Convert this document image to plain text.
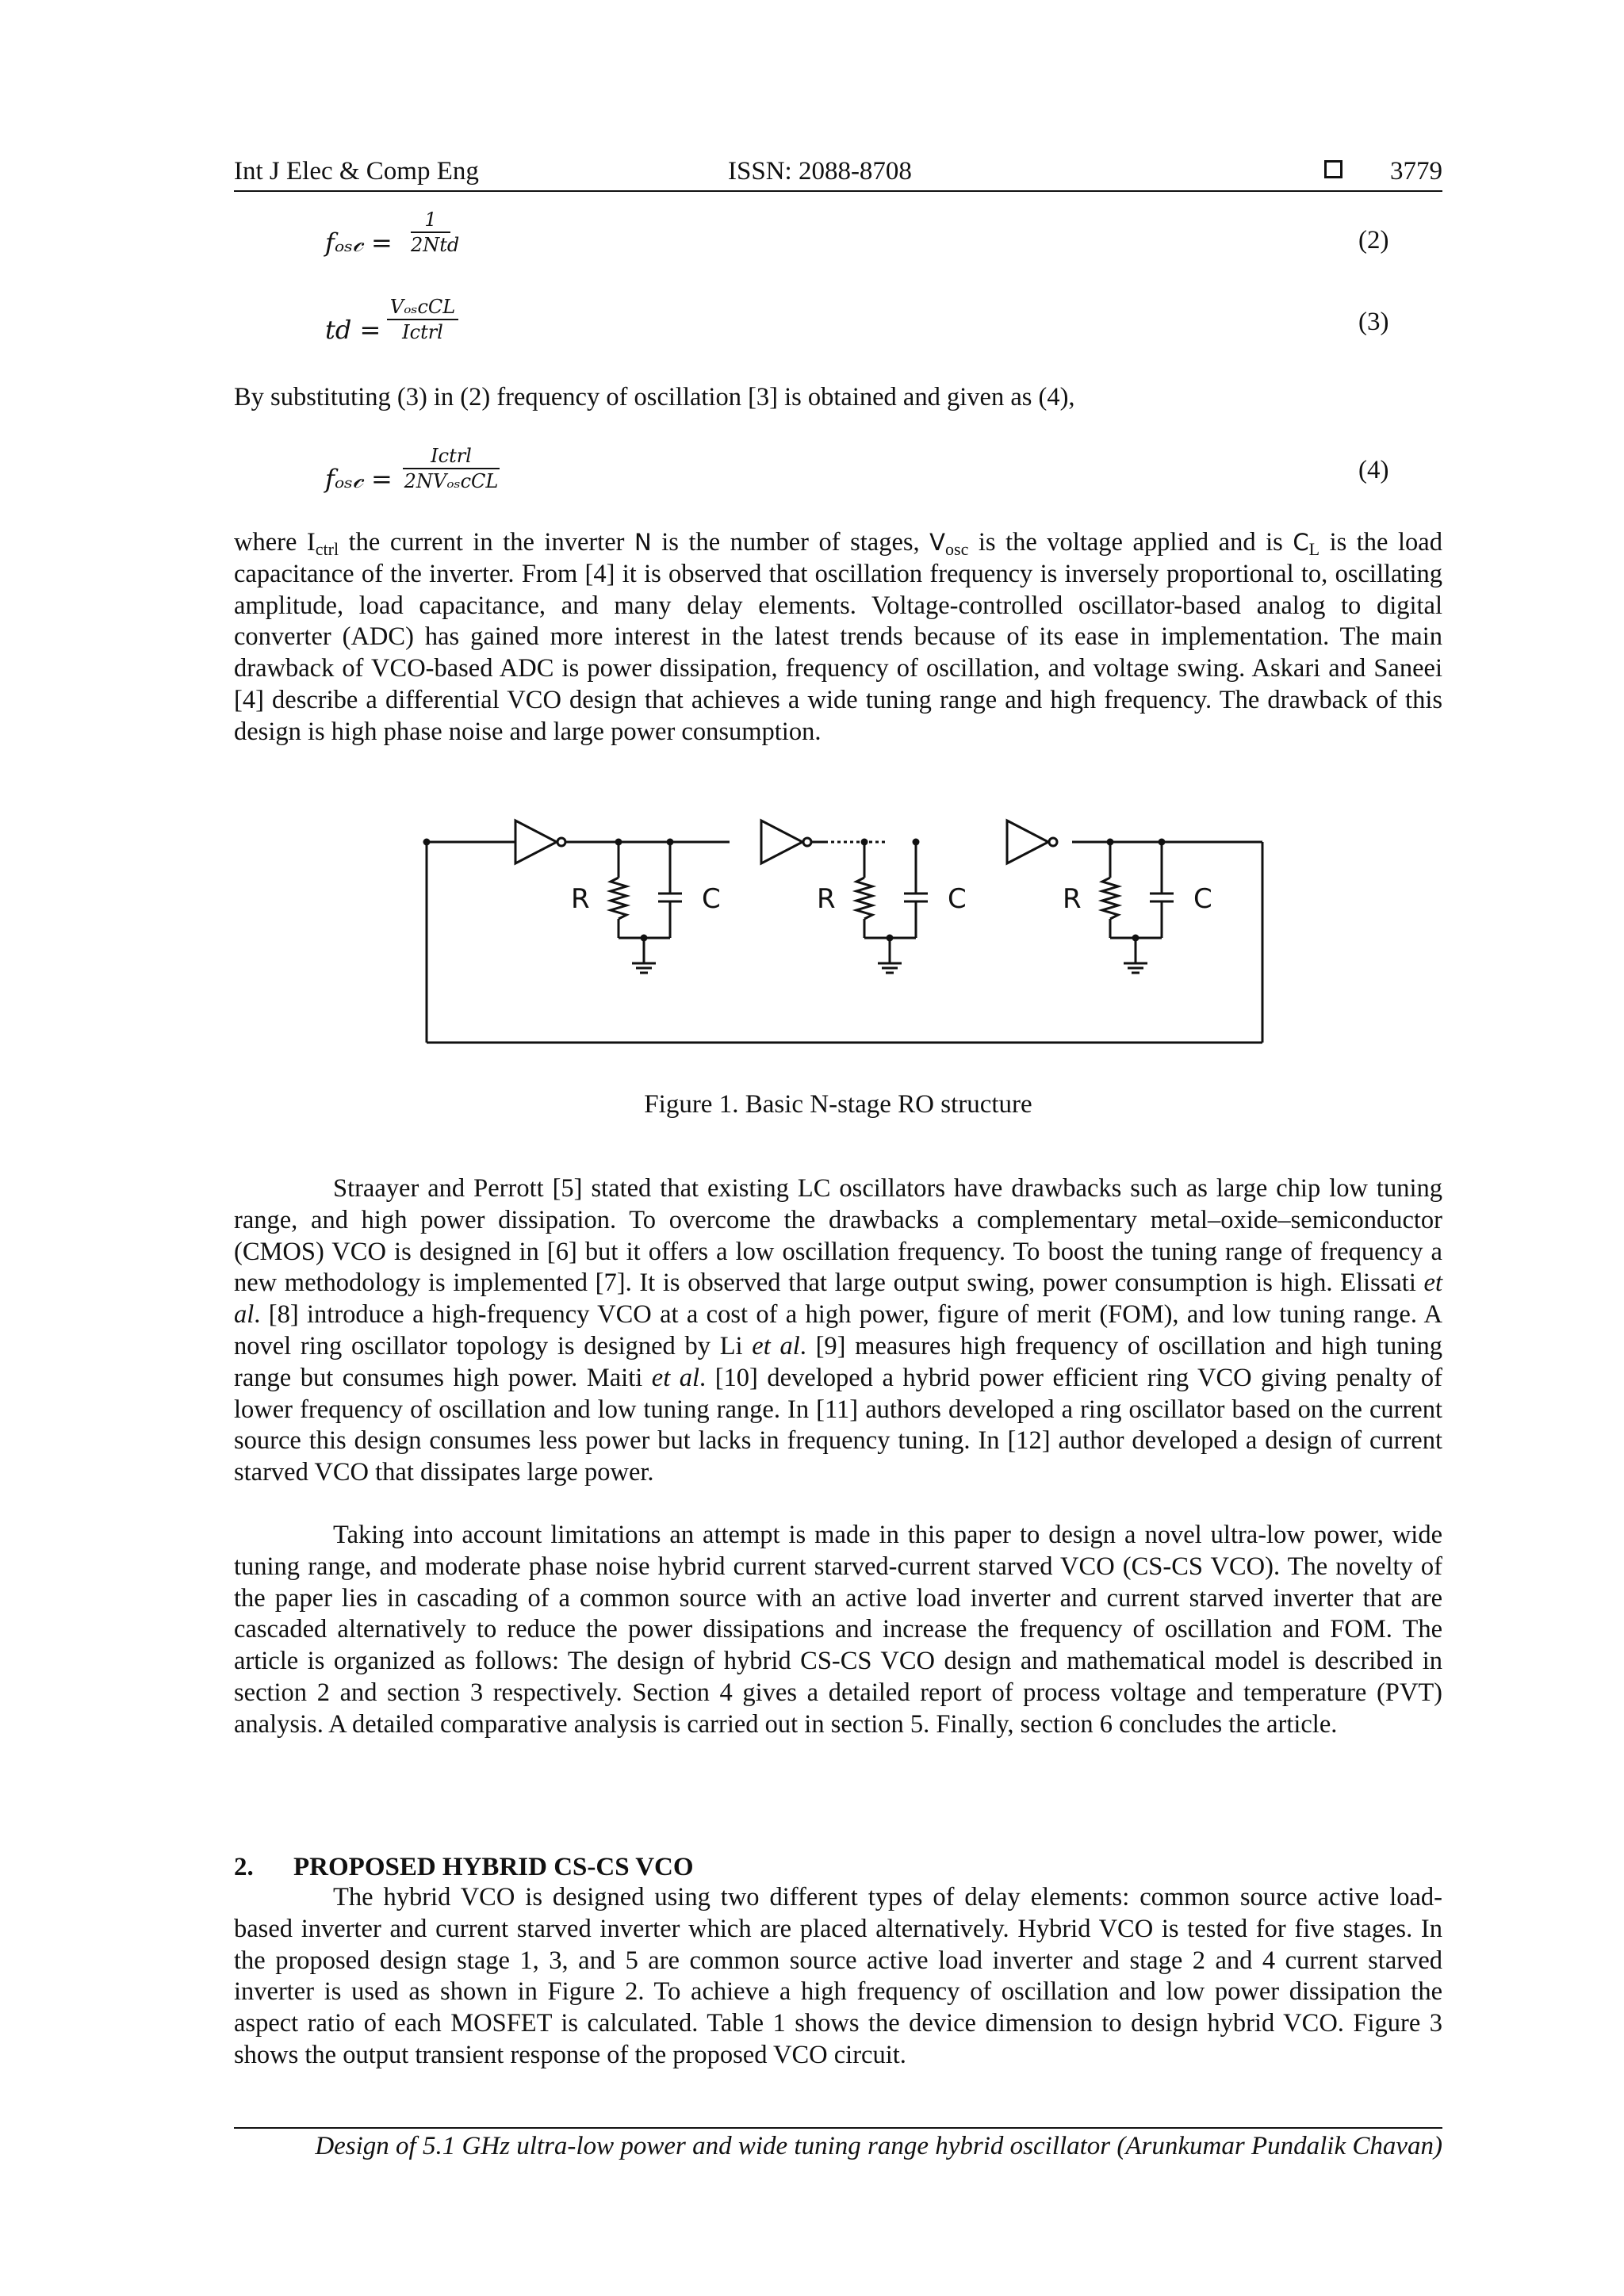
Int J Elec & Comp Eng	ISSN: 2088-8708	3779
𝑓ₒₛ𝒸 =
1
2Nt𝑑	(2)
𝑡𝑑 =
VₒₛcC𝐿
I𝑐𝑡𝑟𝑙	(3)
By substituting (3) in (2) frequency of oscillation [3] is obtained and given as (4),
𝑓ₒₛ𝒸 =
I𝑐𝑡𝑟𝑙
2NVₒₛcC𝐿	(4)
where $I_{ctrl}$ the current in the inverter N is the number of stages, $V_{osc}$ is the voltage applied and is $C_L$ is the load capacitance of the inverter. From [4] it is observed that oscillation frequency is inversely proportional to, oscillating amplitude, load capacitance, and many delay elements. Voltage-controlled oscillator-based analog to digital converter (ADC) has gained more interest in the latest trends because of its ease in implementation. The main drawback of VCO-based ADC is power dissipation, frequency of oscillation, and voltage swing. Askari and Saneei [4] describe a differential VCO design that achieves a wide tuning range and high frequency. The drawback of this design is high phase noise and large power consumption.
R	C	R	C	R	C
Figure 1. Basic N-stage RO structure
Straayer and Perrott [5] stated that existing LC oscillators have drawbacks such as large chip low tuning range, and high power dissipation. To overcome the drawbacks a complementary metal–oxide–semiconductor (CMOS) VCO is designed in [6] but it offers a low oscillation frequency. To boost the tuning range of frequency a new methodology is implemented [7]. It is observed that large output swing, power consumption is high. Elissati et al. [8] introduce a high-frequency VCO at a cost of a high power, figure of merit (FOM), and low tuning range. A novel ring oscillator topology is designed by Li et al. [9] measures high frequency of oscillation and high tuning range but consumes high power. Maiti et al. [10] developed a hybrid power efficient ring VCO giving penalty of lower frequency of oscillation and low tuning range. In [11] authors developed a ring oscillator based on the current source this design consumes less power but lacks in frequency tuning. In [12] author developed a design of current starved VCO that dissipates large power.
Taking into account limitations an attempt is made in this paper to design a novel ultra-low power, wide tuning range, and moderate phase noise hybrid current starved-current starved VCO (CS-CS VCO). The novelty of the paper lies in cascading of a common source with an active load inverter and current starved inverter that are cascaded alternatively to reduce the power dissipations and increase the frequency of oscillation and FOM. The article is organized as follows: The design of hybrid CS-CS VCO design and mathematical model is described in section 2 and section 3 respectively. Section 4 gives a detailed report of process voltage and temperature (PVT) analysis. A detailed comparative analysis is carried out in section 5. Finally, section 6 concludes the article.
2. PROPOSED HYBRID CS-CS VCO
The hybrid VCO is designed using two different types of delay elements: common source active load-based inverter and current starved inverter which are placed alternatively. Hybrid VCO is tested for five stages. In the proposed design stage 1, 3, and 5 are common source active load inverter and stage 2 and 4 current starved inverter is used as shown in Figure 2. To achieve a high frequency of oscillation and low power dissipation the aspect ratio of each MOSFET is calculated. Table 1 shows the device dimension to design hybrid VCO. Figure 3 shows the output transient response of the proposed VCO circuit.
Design of 5.1 GHz ultra-low power and wide tuning range hybrid oscillator (Arunkumar Pundalik Chavan)
